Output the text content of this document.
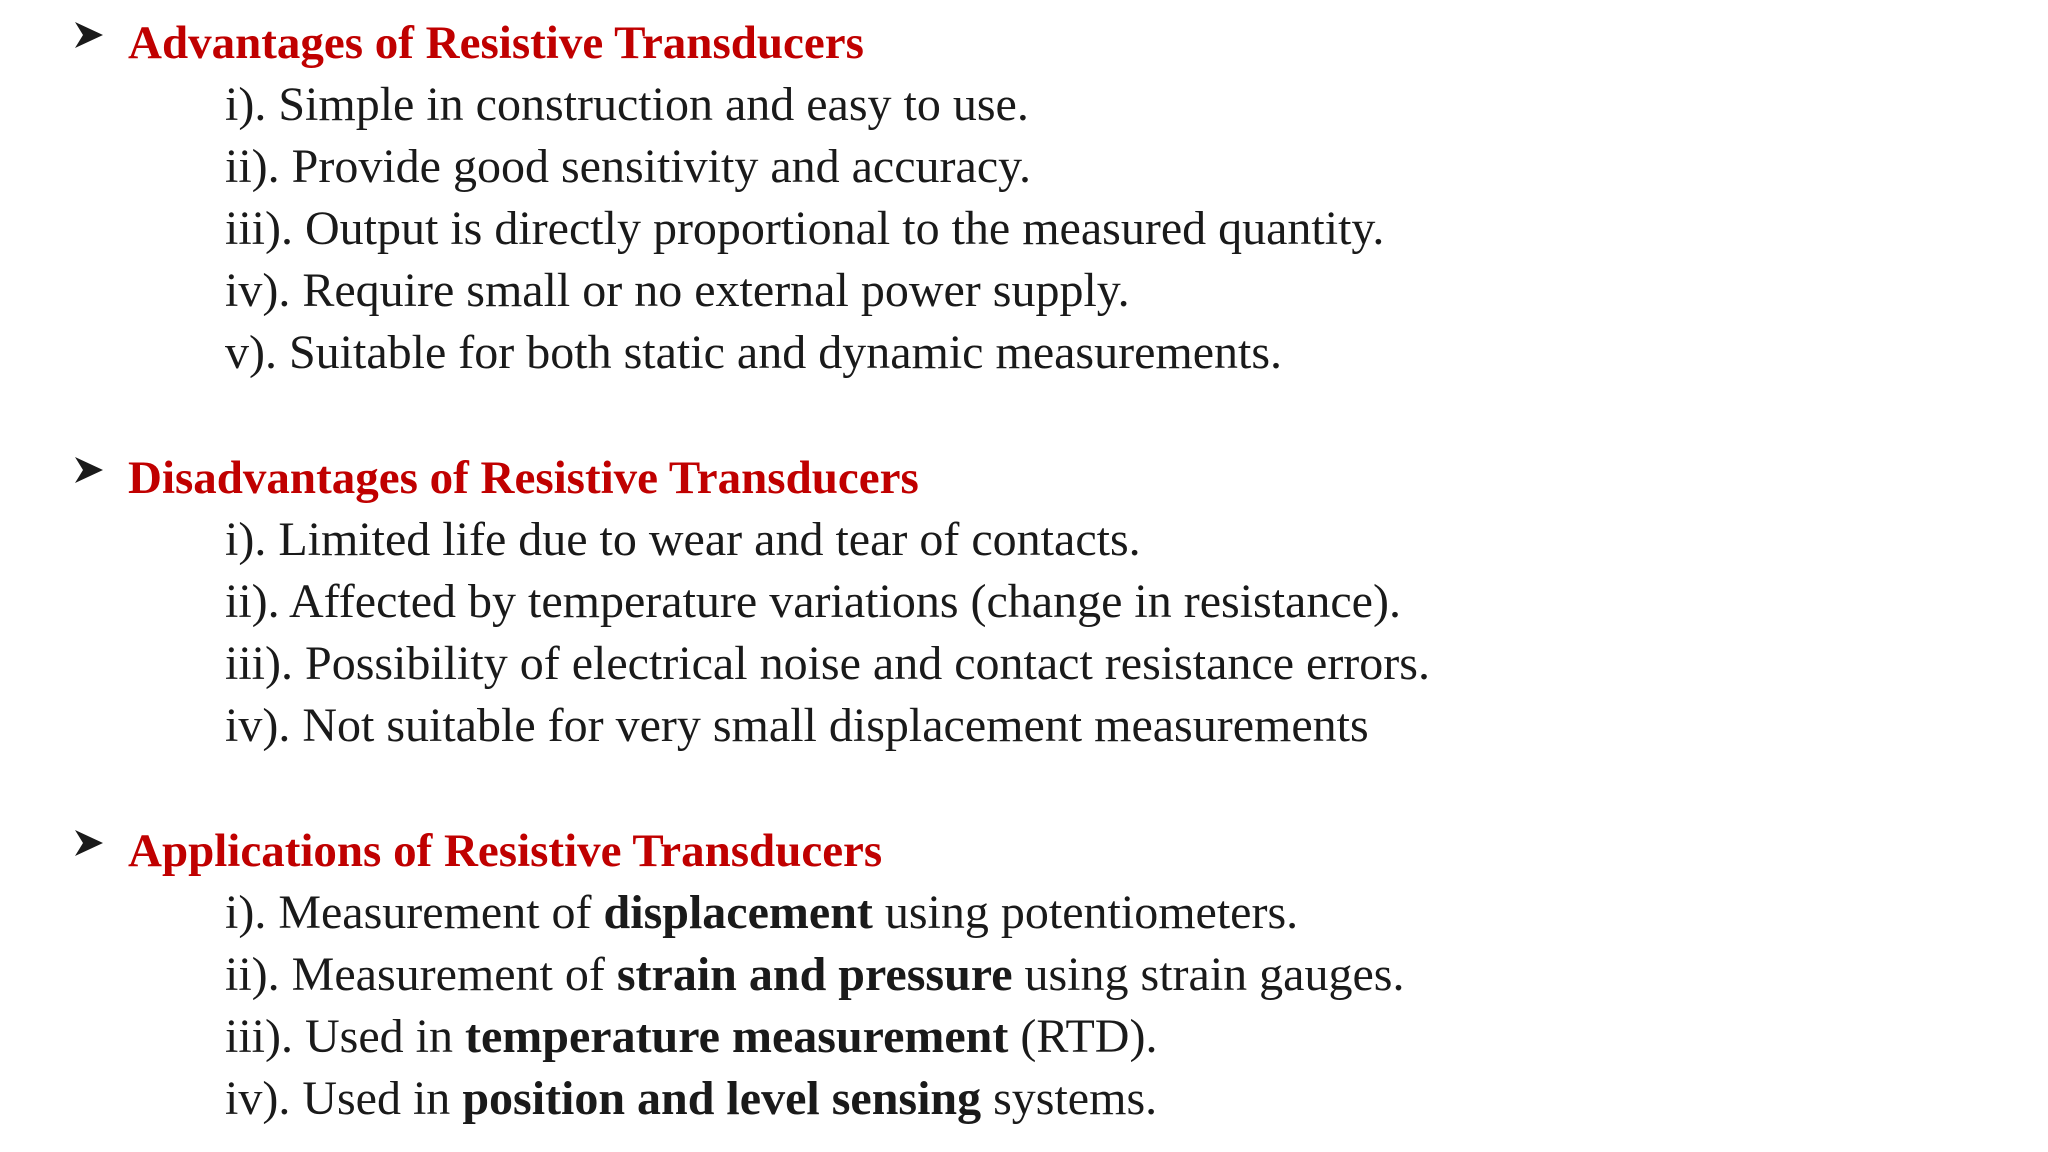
Advantages of Resistive Transducers
i). Simple in construction and easy to use.
ii). Provide good sensitivity and accuracy.
iii). Output is directly proportional to the measured quantity.
iv). Require small or no external power supply.
v). Suitable for both static and dynamic measurements.
Disadvantages of Resistive Transducers
i). Limited life due to wear and tear of contacts.
ii). Affected by temperature variations (change in resistance).
iii). Possibility of electrical noise and contact resistance errors.
iv). Not suitable for very small displacement measurements
Applications of Resistive Transducers
i). Measurement of displacement using potentiometers.
ii). Measurement of strain and pressure using strain gauges.
iii). Used in temperature measurement (RTD).
iv). Used in position and level sensing systems.
